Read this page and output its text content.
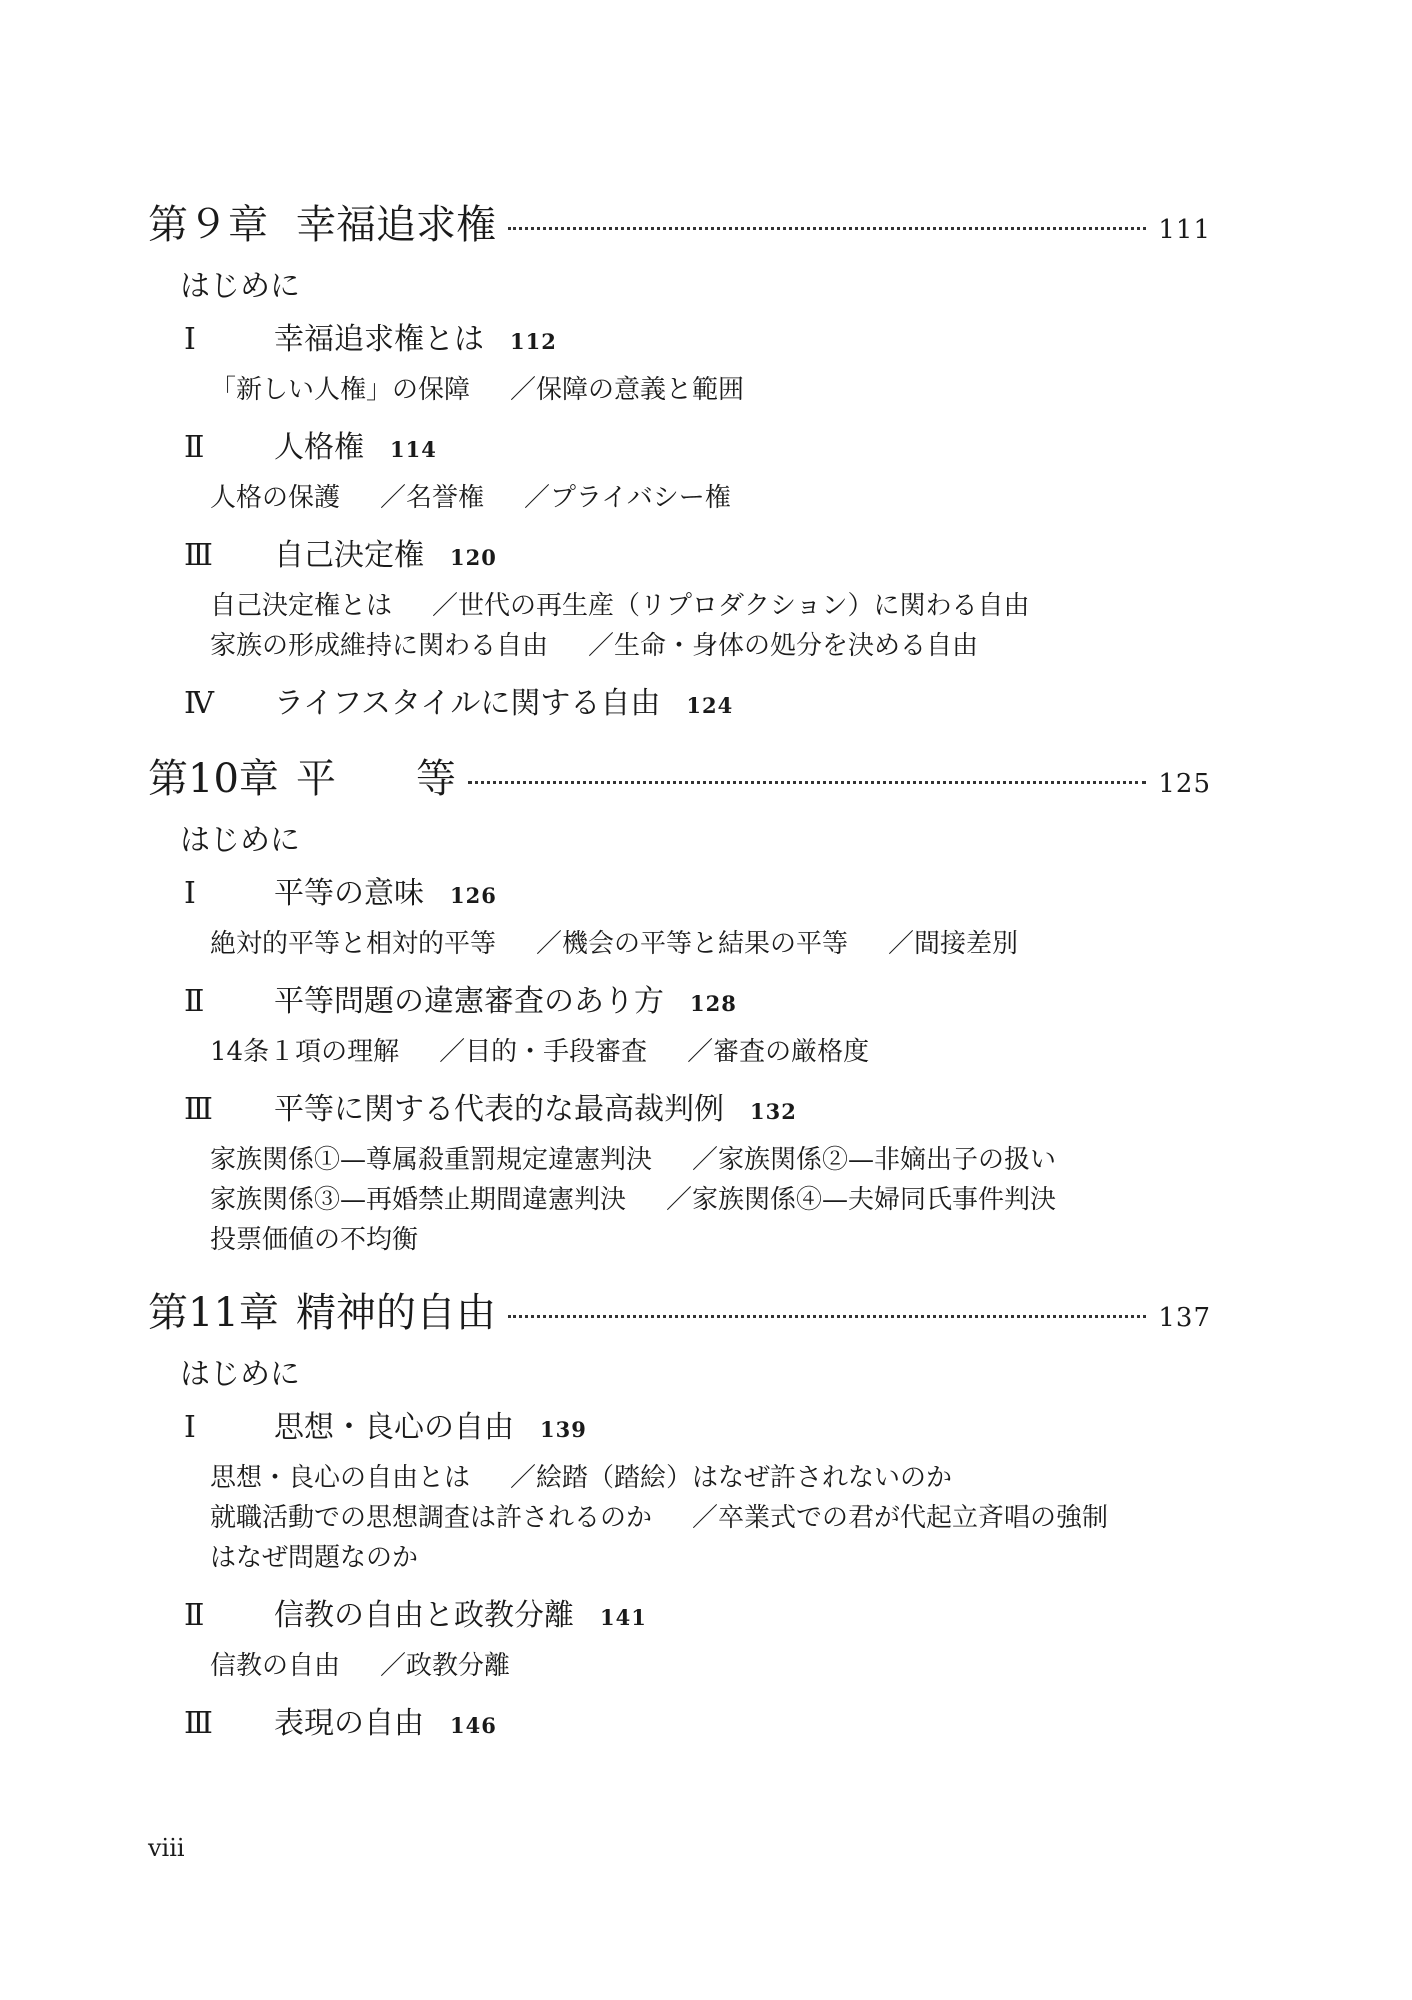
第９章 幸福追求権	111
はじめに
Ⅰ	幸福追求権とは 112
「新しい人権」の保障 ／保障の意義と範囲
Ⅱ	人格権 114
人格の保護 ／名誉権 ／プライバシー権
Ⅲ	自己決定権 120
自己決定権とは ／世代の再生産（リプロダクション）に関わる自由
家族の形成維持に関わる自由 ／生命・身体の処分を決める自由
Ⅳ	ライフスタイルに関する自由 124
第10章 平　　等	125
はじめに
Ⅰ	平等の意味 126
絶対的平等と相対的平等 ／機会の平等と結果の平等 ／間接差別
Ⅱ	平等問題の違憲審査のあり方 128
14条１項の理解 ／目的・手段審査 ／審査の厳格度
Ⅲ	平等に関する代表的な最高裁判例 132
家族関係①—尊属殺重罰規定違憲判決 ／家族関係②—非嫡出子の扱い
家族関係③—再婚禁止期間違憲判決 ／家族関係④—夫婦同氏事件判決
投票価値の不均衡
第11章 精神的自由	137
はじめに
Ⅰ	思想・良心の自由 139
思想・良心の自由とは ／絵踏（踏絵）はなぜ許されないのか
就職活動での思想調査は許されるのか ／卒業式での君が代起立斉唱の強制
はなぜ問題なのか
Ⅱ	信教の自由と政教分離 141
信教の自由 ／政教分離
Ⅲ	表現の自由 146
viii
